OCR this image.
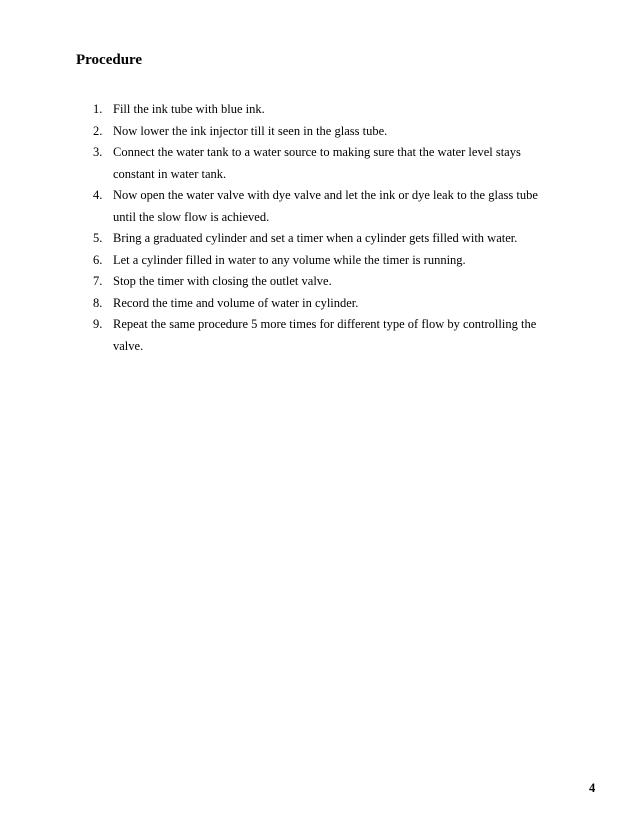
Procedure
1. Fill the ink tube with blue ink.
2. Now lower the ink injector till it seen in the glass tube.
3. Connect the water tank to a water source to making sure that the water level stays constant in water tank.
4. Now open the water valve with dye valve and let the ink or dye leak to the glass tube until the slow flow is achieved.
5. Bring a graduated cylinder and set a timer when a cylinder gets filled with water.
6. Let a cylinder filled in water to any volume while the timer is running.
7. Stop the timer with closing the outlet valve.
8. Record the time and volume of water in cylinder.
9. Repeat the same procedure 5 more times for different type of flow by controlling the valve.
4
